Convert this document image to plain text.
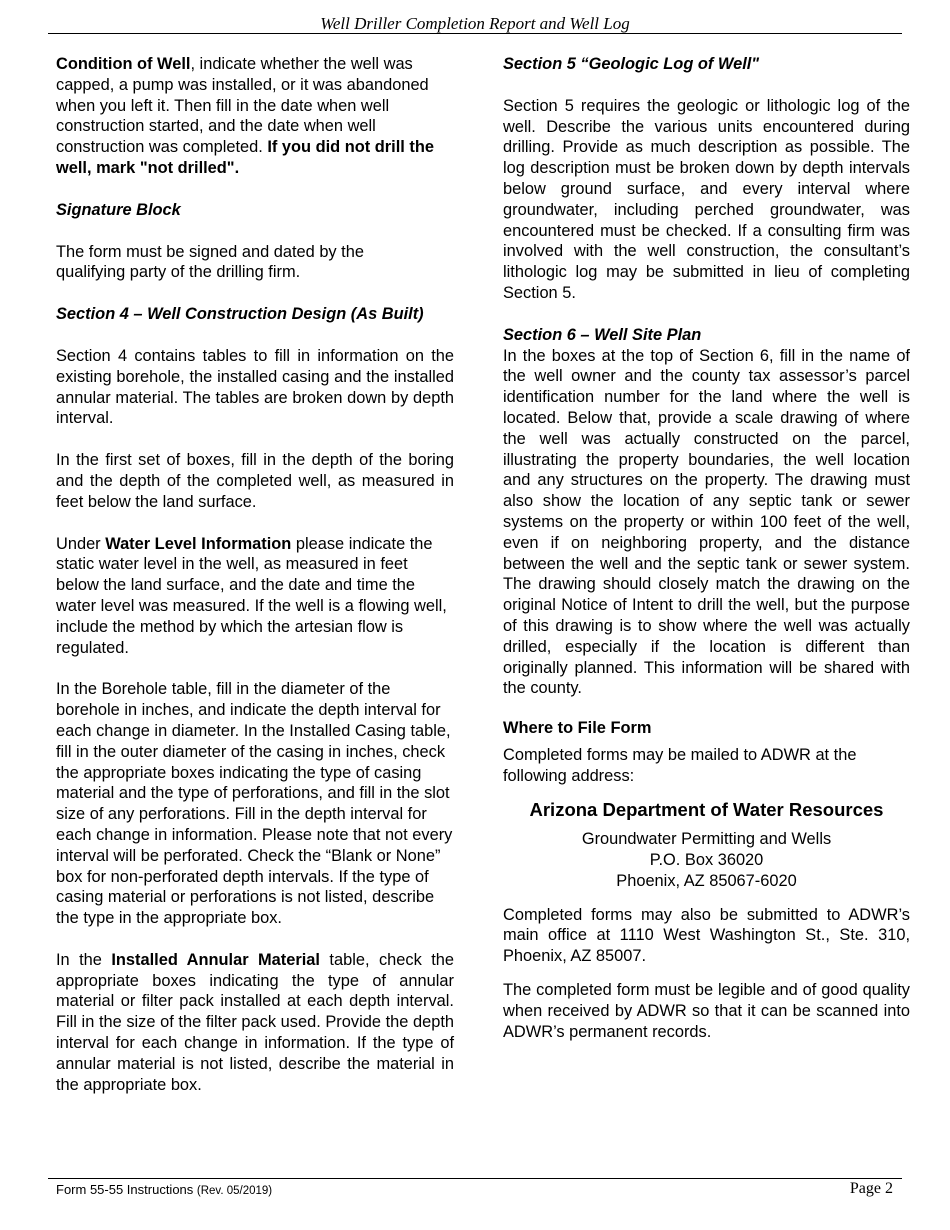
Well Driller Completion Report and Well Log

Condition of Well, indicate whether the well was capped, a pump was installed, or it was abandoned when you left it. Then fill in the date when well construction started, and the date when well construction was completed. If you did not drill the well, mark "not drilled".

Signature Block

The form must be signed and dated by the qualifying party of the drilling firm.

Section 4 – Well Construction Design (As Built)

Section 4 contains tables to fill in information on the existing borehole, the installed casing and the installed annular material. The tables are broken down by depth interval.

In the first set of boxes, fill in the depth of the boring and the depth of the completed well, as measured in feet below the land surface.

Under Water Level Information please indicate the static water level in the well, as measured in feet below the land surface, and the date and time the water level was measured. If the well is a flowing well, include the method by which the artesian flow is regulated.

In the Borehole table, fill in the diameter of the borehole in inches, and indicate the depth interval for each change in diameter. In the Installed Casing table, fill in the outer diameter of the casing in inches, check the appropriate boxes indicating the type of casing material and the type of perforations, and fill in the slot size of any perforations. Fill in the depth interval for each change in information. Please note that not every interval will be perforated. Check the “Blank or None” box for non-perforated depth intervals. If the type of casing material or perforations is not listed, describe the type in the appropriate box.

In the Installed Annular Material table, check the appropriate boxes indicating the type of annular material or filter pack installed at each depth interval. Fill in the size of the filter pack used. Provide the depth interval for each change in information. If the type of annular material is not listed, describe the material in the appropriate box.

Section 5 “Geologic Log of Well"

Section 5 requires the geologic or lithologic log of the well. Describe the various units encountered during drilling. Provide as much description as possible. The log description must be broken down by depth intervals below ground surface, and every interval where groundwater, including perched groundwater, was encountered must be checked. If a consulting firm was involved with the well construction, the consultant’s lithologic log may be submitted in lieu of completing Section 5.

Section 6 – Well Site Plan

In the boxes at the top of Section 6, fill in the name of the well owner and the county tax assessor’s parcel identification number for the land where the well is located. Below that, provide a scale drawing of where the well was actually constructed on the parcel, illustrating the property boundaries, the well location and any structures on the property. The drawing must also show the location of any septic tank or sewer systems on the property or within 100 feet of the well, even if on neighboring property, and the distance between the well and the septic tank or sewer system. The drawing should closely match the drawing on the original Notice of Intent to drill the well, but the purpose of this drawing is to show where the well was actually drilled, especially if the location is different than originally planned. This information will be shared with the county.

Where to File Form

Completed forms may be mailed to ADWR at the following address:

Arizona Department of Water Resources

Groundwater Permitting and Wells

P.O. Box 36020

Phoenix, AZ 85067-6020

Completed forms may also be submitted to ADWR’s main office at 1110 West Washington St., Ste. 310, Phoenix, AZ 85007.

The completed form must be legible and of good quality when received by ADWR so that it can be scanned into ADWR’s permanent records.

Form 55-55 Instructions (Rev. 05/2019)	Page 2
